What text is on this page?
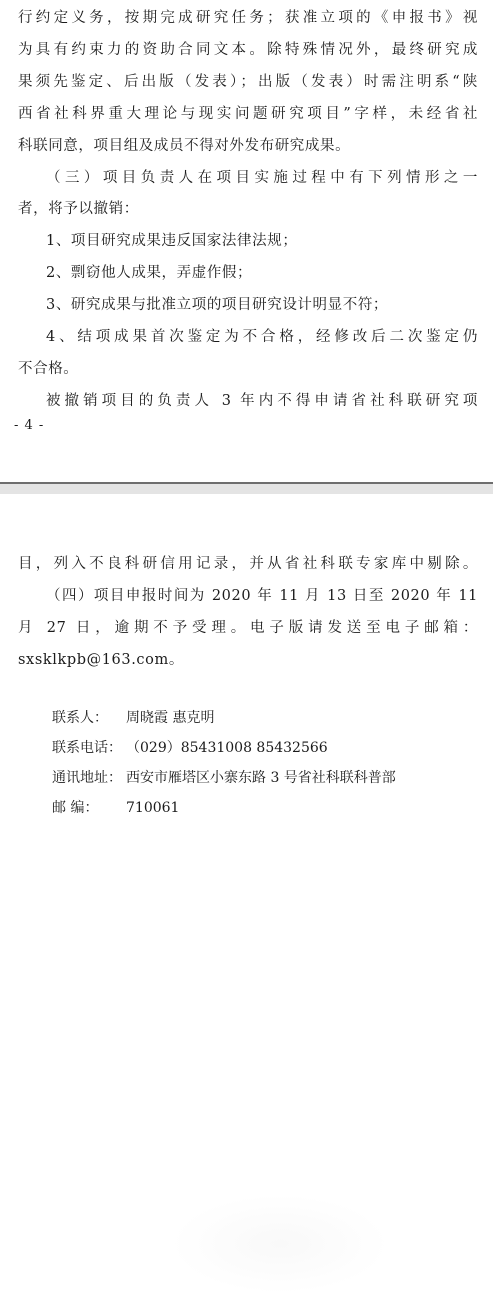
行约定义务，按期完成研究任务；获准立项的《申报书》视
为具有约束力的资助合同文本。除特殊情况外，最终研究成
果须先鉴定、后出版（发表）；出版（发表）时需注明系“陕
西省社科界重大理论与现实问题研究项目”字样，未经省社
科联同意，项目组及成员不得对外发布研究成果。
（三）项目负责人在项目实施过程中有下列情形之一
者，将予以撤销：
1、项目研究成果违反国家法律法规；
2、剽窃他人成果，弄虚作假；
3、研究成果与批准立项的项目研究设计明显不符；
4、结项成果首次鉴定为不合格，经修改后二次鉴定仍
不合格。
被撤销项目的负责人 3 年内不得申请省社科联研究项
- 4 -
目，列入不良科研信用记录，并从省社科联专家库中剔除。
（四）项目申报时间为 2020 年 11 月 13 日至 2020 年 11
月 27 日，逾期不予受理。电子版请发送至电子邮箱：
sxsklkpb@163.com。
联系人： 周晓霞 惠克明
联系电话： （029）85431008 85432566
通讯地址： 西安市雁塔区小寨东路 3 号省社科联科普部
邮 编： 710061
